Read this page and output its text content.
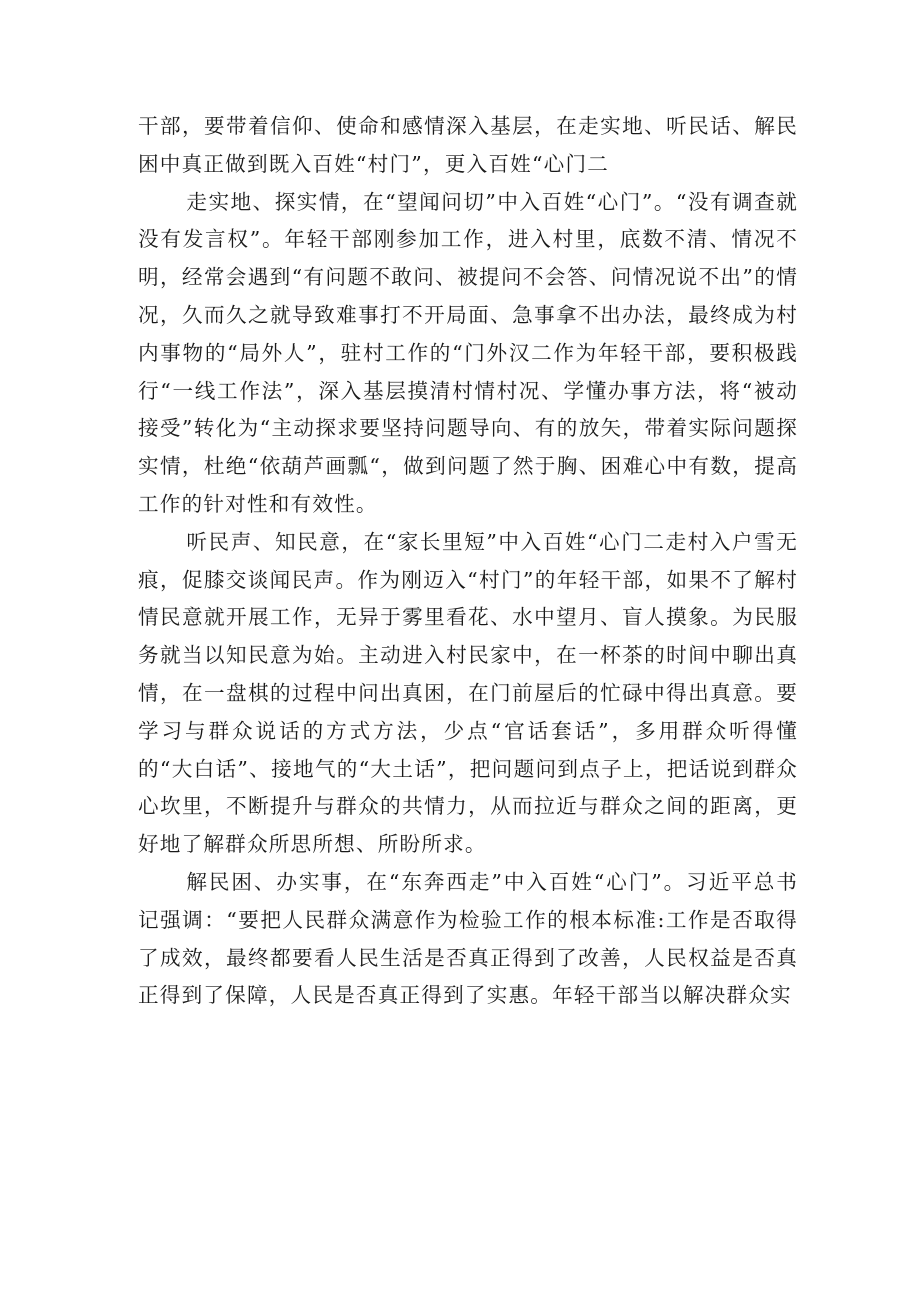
干部，要带着信仰、使命和感情深入基层，在走实地、听民话、解民困中真正做到既入百姓“村门”，更入百姓“心门二

走实地、探实情，在“望闻问切”中入百姓“心门”。“没有调查就没有发言权”。年轻干部刚参加工作，进入村里，底数不清、情况不明，经常会遇到“有问题不敢问、被提问不会答、问情况说不出”的情况，久而久之就导致难事打不开局面、急事拿不出办法，最终成为村内事物的“局外人”，驻村工作的“门外汉二作为年轻干部，要积极践行“一线工作法”，深入基层摸清村情村况、学懂办事方法，将“被动接受”转化为“主动探求要坚持问题导向、有的放矢，带着实际问题探实情，杜绝“依葫芦画瓢“，做到问题了然于胸、困难心中有数，提高工作的针对性和有效性。

听民声、知民意，在“家长里短”中入百姓“心门二走村入户雪无痕，促膝交谈闻民声。作为刚迈入“村门”的年轻干部，如果不了解村情民意就开展工作，无异于雾里看花、水中望月、盲人摸象。为民服务就当以知民意为始。主动进入村民家中，在一杯茶的时间中聊出真情，在一盘棋的过程中问出真困，在门前屋后的忙碌中得出真意。要学习与群众说话的方式方法，少点“官话套话”，多用群众听得懂的“大白话”、接地气的“大土话”，把问题问到点子上，把话说到群众心坎里，不断提升与群众的共情力，从而拉近与群众之间的距离，更好地了解群众所思所想、所盼所求。

解民困、办实事，在“东奔西走”中入百姓“心门”。习近平总书记强调：“要把人民群众满意作为检验工作的根本标准:工作是否取得了成效，最终都要看人民生活是否真正得到了改善，人民权益是否真正得到了保障，人民是否真正得到了实惠。年轻干部当以解决群众实
